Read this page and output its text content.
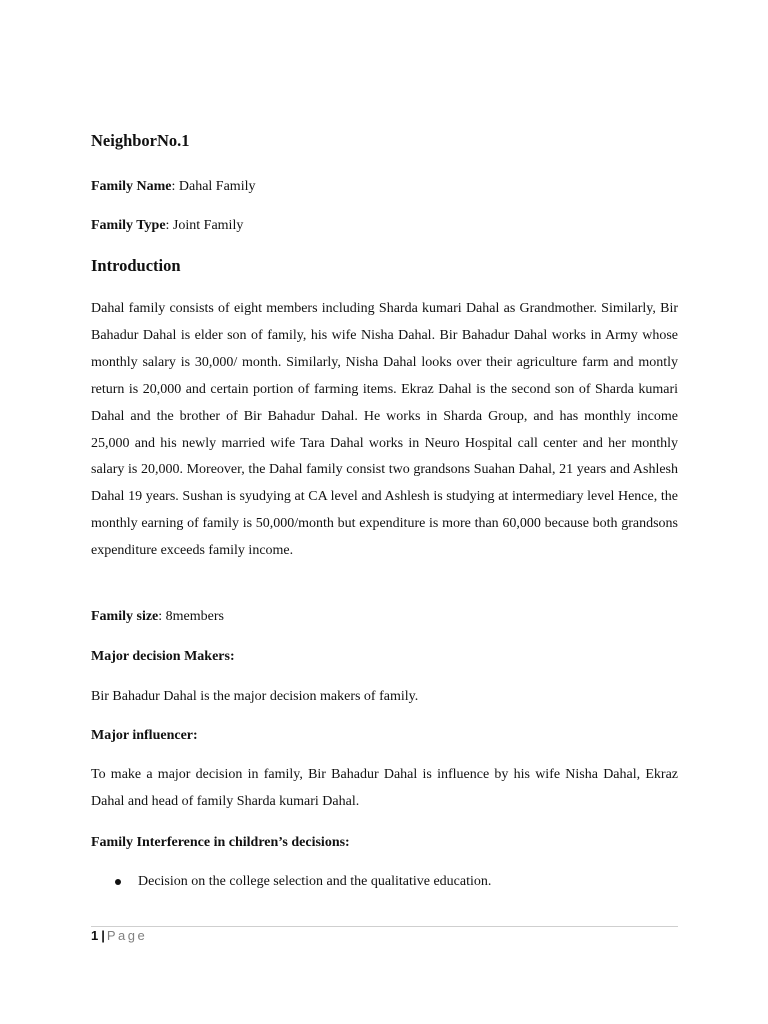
NeighborNo.1
Family Name: Dahal Family
Family Type: Joint Family
Introduction

Dahal family consists of eight members including Sharda kumari Dahal as Grandmother. Similarly, Bir Bahadur Dahal is elder son of family, his wife Nisha Dahal. Bir Bahadur Dahal works in Army whose monthly salary is 30,000/ month. Similarly, Nisha Dahal looks over their agriculture farm and montly return is 20,000 and certain portion of farming items. Ekraz Dahal is the second son of Sharda kumari Dahal and the brother of Bir Bahadur Dahal. He works in Sharda Group, and has monthly income 25,000 and his newly married wife Tara Dahal works in Neuro Hospital call center and her monthly salary is 20,000. Moreover, the Dahal family consist two grandsons Suahan Dahal, 21 years and Ashlesh Dahal 19 years. Sushan is syudying at CA level and Ashlesh is studying at intermediary level Hence, the monthly earning of family is 50,000/month but expenditure is more than 60,000 because both grandsons expenditure exceeds family income.

Family size: 8members
Major decision Makers:
Bir Bahadur Dahal is the major decision makers of family.
Major influencer:

To make a major decision in family, Bir Bahadur Dahal is influence by his wife Nisha Dahal, Ekraz Dahal and head of family Sharda kumari Dahal.

Family Interference in children’s decisions:
Decision on the college selection and the qualitative education.
1 | Page
